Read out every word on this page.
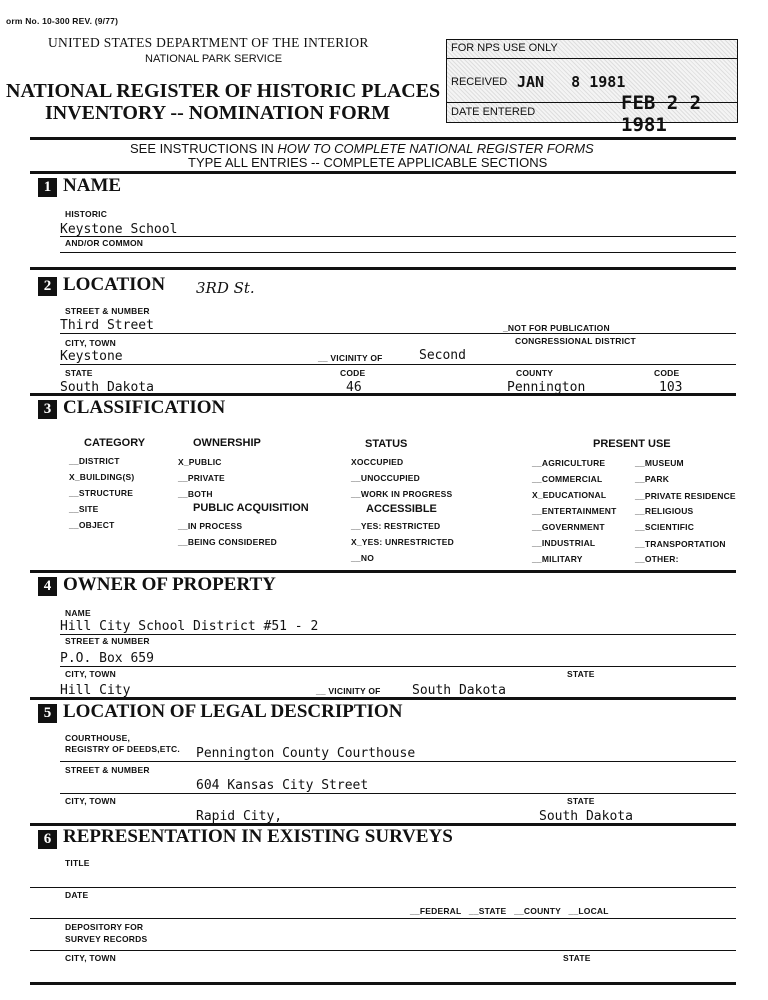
orm No. 10-300 REV. (9/77)
UNITED STATES DEPARTMENT OF THE INTERIOR
NATIONAL PARK SERVICE
NATIONAL REGISTER OF HISTORIC PLACES
INVENTORY -- NOMINATION FORM
FOR NPS USE ONLY
RECEIVED JAN   8 1981
DATE ENTERED	FEB 2 2 1981
SEE INSTRUCTIONS IN HOW TO COMPLETE NATIONAL REGISTER FORMS
TYPE ALL ENTRIES -- COMPLETE APPLICABLE SECTIONS
1 NAME
HISTORIC
Keystone School
AND/OR COMMON
2 LOCATION 3RD St.
STREET & NUMBER
Third Street	_NOT FOR PUBLICATION
CITY, TOWN	CONGRESSIONAL DISTRICT
Keystone	__ VICINITY OF	Second
STATE	CODE	COUNTY	CODE
South Dakota	46	Pennington	103
3 CLASSIFICATION
CATEGORY
__DISTRICT
X_BUILDING(S)
__STRUCTURE
__SITE
__OBJECT
OWNERSHIP
X_PUBLIC
__PRIVATE
__BOTH
PUBLIC ACQUISITION
__IN PROCESS
__BEING CONSIDERED
STATUS
XOCCUPIED
__UNOCCUPIED
__WORK IN PROGRESS
ACCESSIBLE
__YES: RESTRICTED
X_YES: UNRESTRICTED
__NO
PRESENT USE
__AGRICULTURE
__COMMERCIAL
X_EDUCATIONAL
__ENTERTAINMENT
__GOVERNMENT
__INDUSTRIAL
__MILITARY
__MUSEUM
__PARK
__PRIVATE RESIDENCE
__RELIGIOUS
__SCIENTIFIC
__TRANSPORTATION
__OTHER:
4 OWNER OF PROPERTY
NAME
Hill City School District #51 - 2
STREET & NUMBER
P.O. Box 659
CITY, TOWN	STATE
Hill City	__ VICINITY OF South Dakota
5 LOCATION OF LEGAL DESCRIPTION
COURTHOUSE,
REGISTRY OF DEEDS,ETC. Pennington County Courthouse
STREET & NUMBER
604 Kansas City Street
CITY, TOWN	STATE
Rapid City,	South Dakota
6 REPRESENTATION IN EXISTING SURVEYS
TITLE
DATE
__FEDERAL   __STATE   __COUNTY   __LOCAL
DEPOSITORY FOR
SURVEY RECORDS
CITY, TOWN	STATE
